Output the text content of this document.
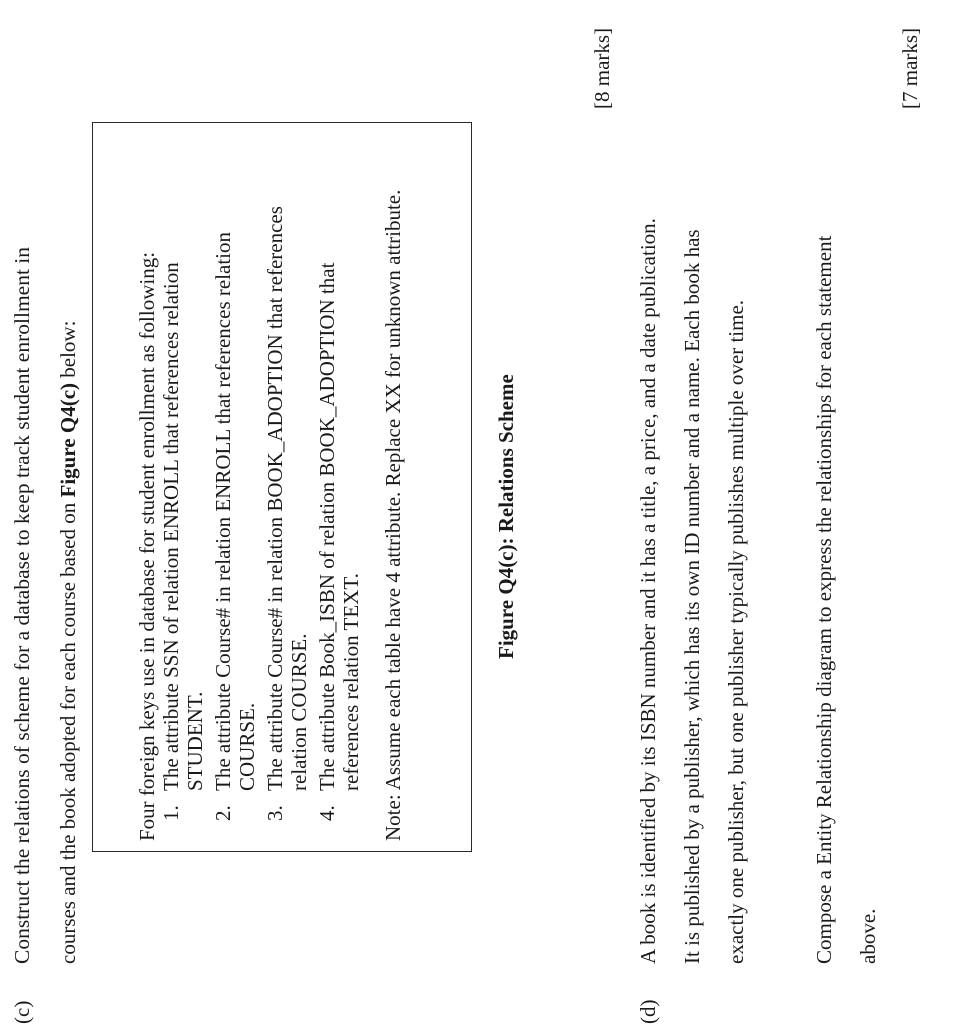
(c)
Construct the relations of scheme for a database to keep track student enrollment in courses and the book adopted for each course based on Figure Q4(c) below:	Four foreign keys use in database for student enrollment as following: 1.
The attribute SSN of relation ENROLL that references relation STUDENT.
2.
The attribute Course# in relation ENROLL that references relation COURSE.
3.
The attribute Course# in relation BOOK_ADOPTION that references relation COURSE.
4.
The attribute Book_ISBN of relation BOOK_ADOPTION that references relation TEXT. Note: Assume each table have 4 attribute. Replace XX for unknown attribute.	Figure Q4(c): Relations Scheme
[8 marks]
(d)
A book is identified by its ISBN number and it has a title, a price, and a date publication. It is published by a publisher, which has its own ID number and a name. Each book has exactly one publisher, but one publisher typically publishes multiple over time.	Compose a Entity Relationship diagram to express the relationships for each statement above.
[7 marks]
